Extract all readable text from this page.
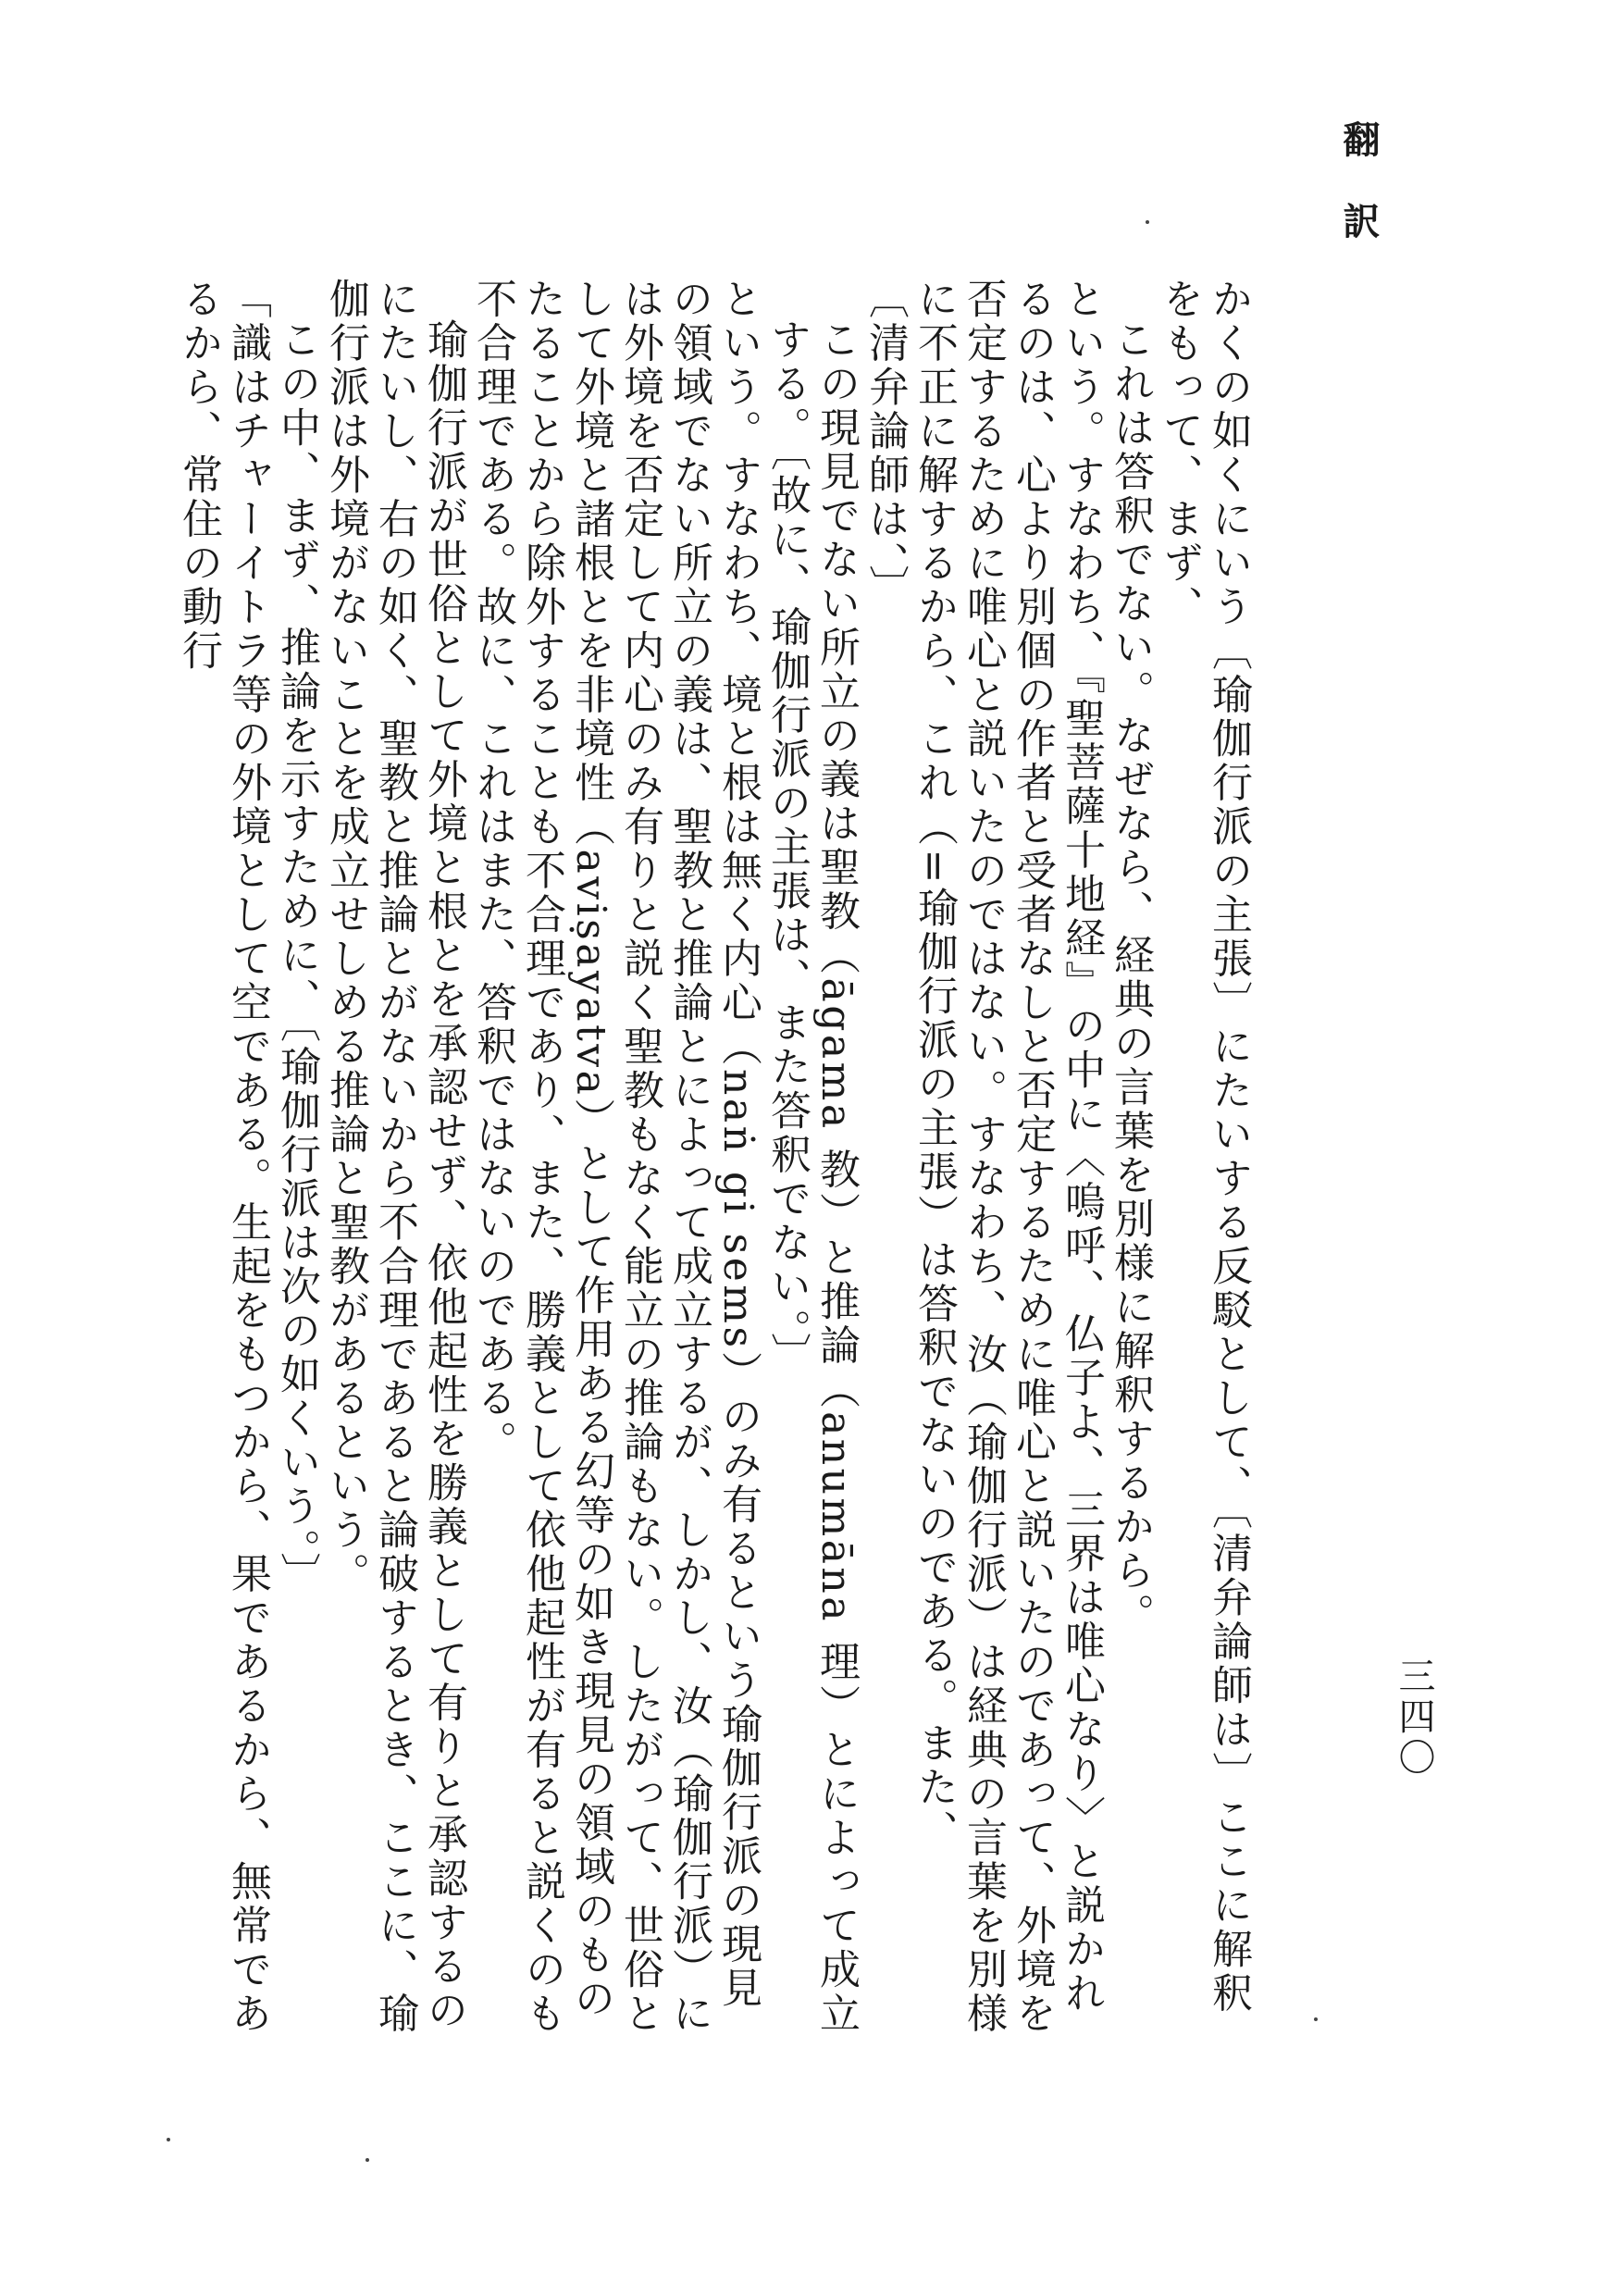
翻訳
三四〇

かくの如くにいう〔瑜伽行派の主張〕にたいする反駁として、〔清弁論師は〕ここに解釈をもって、まず、

これは答釈でない。なぜなら、経典の言葉を別様に解釈するから。

という。すなわち、『聖菩薩十地経』の中に〈嗚呼、仏子よ、三界は唯心なり〉と説かれるのは、心より別個の作者と受者なしと否定するために唯心と説いたのであって、外境を否定するために唯心と説いたのではない。すなわち、汝（瑜伽行派）は経典の言葉を別様に不正に解するから、これ（=瑜伽行派の主張）は答釈でないのである。また、

〔清弁論師は、〕

この現見でない所立の義は聖教（āgama 教）と推論（anumāna 理）とによって成立する。〔故に、瑜伽行派の主張は、また答釈でない。〕

という。すなわち、境と根は無く内心（naṅ gi sems）のみ有るという瑜伽行派の現見の領域でない所立の義は、聖教と推論とによって成立するが、しかし、汝（瑜伽行派）には外境を否定して内心のみ有りと説く聖教もなく能立の推論もない。したがって、世俗として外境と諸根とを非境性（aviṣayatva）として作用ある幻等の如き現見の領域のものたることから除外することも不合理であり、また、勝義として依他起性が有ると説くのも不合理である。故に、これはまた、答釈ではないのである。

瑜伽行派が世俗として外境と根とを承認せず、依他起性を勝義として有りと承認するのにたいし、右の如く、聖教と推論とがないから不合理であると論破するとき、ここに、瑜伽行派は外境がないことを成立せしめる推論と聖教があるという。

この中、まず、推論を示すために、〔瑜伽行派は次の如くいう。〕

「識はチャーイトラ等の外境として空である。生起をもつから、果であるから、無常であるから、常住の動行
